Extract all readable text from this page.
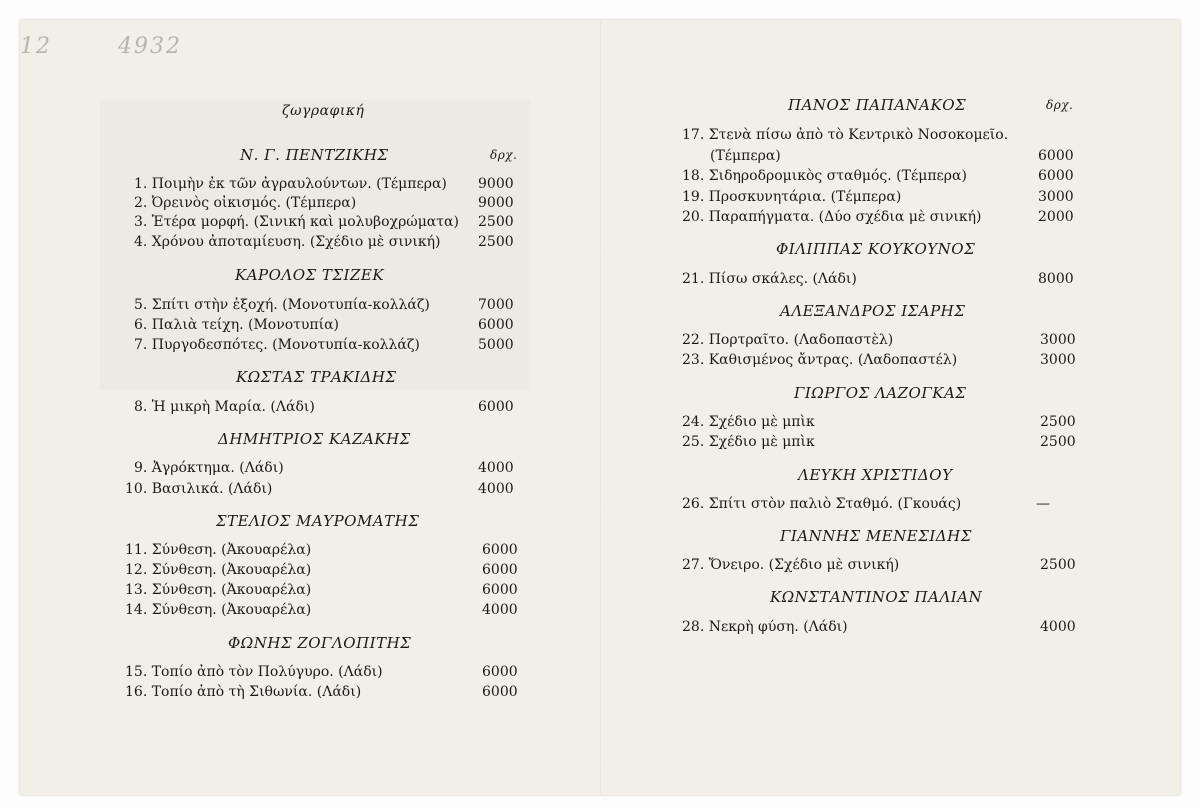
12	4932
ζωγραφική
Ν. Γ. ΠΕΝΤΖΙΚΗΣ	δρχ.
1. Ποιμὴν ἐκ τῶν ἀγραυλούντων. (Τέμπερα) 9000
2. Ὀρεινὸς οἰκισμός. (Τέμπερα)	9000
3. Ἑτέρα μορφή. (Σινική καὶ μολυβοχρώματα) 2500
4. Χρόνου ἀποταμίευση. (Σχέδιο μὲ σινική)	2500
ΚΑΡΟΛΟΣ ΤΣΙΖΕΚ
5. Σπίτι στὴν ἐξοχή. (Μονοτυπία-κολλάζ)	7000
6. Παλιὰ τείχη. (Μονοτυπία)	6000
7. Πυργοδεσπότες. (Μονοτυπία-κολλάζ)	5000
ΚΩΣΤΑΣ ΤΡΑΚΙΔΗΣ
8. Ἡ μικρὴ Μαρία. (Λάδι)	6000
ΔΗΜΗΤΡΙΟΣ ΚΑΖΑΚΗΣ
9. Ἀγρόκτημα. (Λάδι)	4000
10. Βασιλικά. (Λάδι)	4000
ΣΤΕΛΙΟΣ ΜΑΥΡΟΜΑΤΗΣ
11. Σύνθεση. (Ἀκουαρέλα)	6000
12. Σύνθεση. (Ἀκουαρέλα)	6000
13. Σύνθεση. (Ἀκουαρέλα)	6000
14. Σύνθεση. (Ἀκουαρέλα)	4000
ΦΩΝΗΣ ΖΟΓΛΟΠΙΤΗΣ
15. Τοπίο ἀπὸ τὸν Πολύγυρο. (Λάδι)	6000
16. Τοπίο ἀπὸ τὴ Σιθωνία. (Λάδι)	6000
ΠΑΝΟΣ ΠΑΠΑΝΑΚΟΣ	δρχ.
17. Στενὰ πίσω ἀπὸ τὸ Κεντρικὸ Νοσοκομεῖο.
(Τέμπερα)	6000
18. Σιδηροδρομικὸς σταθμός. (Τέμπερα)	6000
19. Προσκυνητάρια. (Τέμπερα)	3000
20. Παραπήγματα. (Δύο σχέδια μὲ σινική)	2000
ΦΙΛΙΠΠΑΣ ΚΟΥΚΟΥΝΟΣ
21. Πίσω σκάλες. (Λάδι)	8000
ΑΛΕΞΑΝΔΡΟΣ ΙΣΑΡΗΣ
22. Πορτραῖτο. (Λαδοπαστὲλ)	3000
23. Καθισμένος ἄντρας. (Λαδοπαστέλ)	3000
ΓΙΩΡΓΟΣ ΛΑΖΟΓΚΑΣ
24. Σχέδιο μὲ μπὶκ	2500
25. Σχέδιο μὲ μπὶκ	2500
ΛΕΥΚΗ ΧΡΙΣΤΙΔΟΥ
26. Σπίτι στὸν παλιὸ Σταθμό. (Γκουάς)	—
ΓΙΑΝΝΗΣ ΜΕΝΕΣΙΔΗΣ
27. Ὄνειρο. (Σχέδιο μὲ σινική)	2500
ΚΩΝΣΤΑΝΤΙΝΟΣ ΠΑΛΙΑΝ
28. Νεκρὴ φύση. (Λάδι)	4000
